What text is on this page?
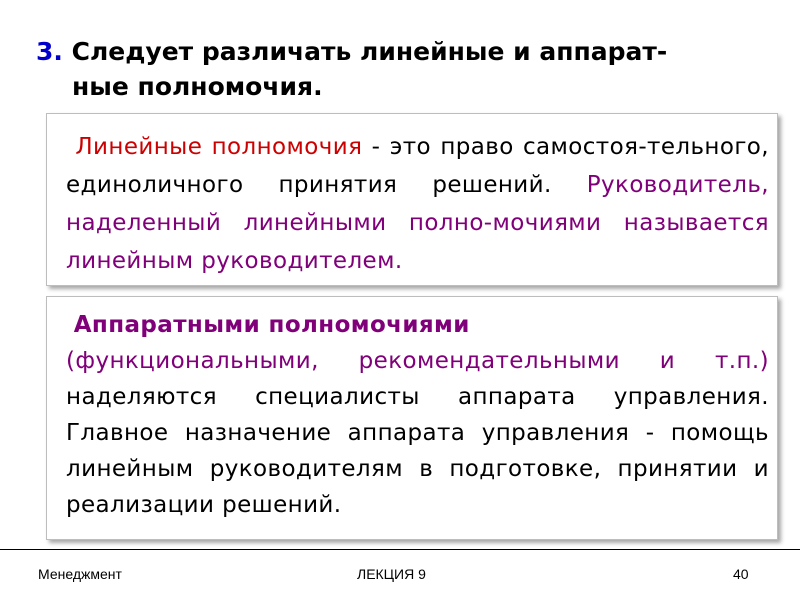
3. Следует различать линейные и аппарат-
ные полномочия.
Линейные полномочия - это право самостоя-тельного, единоличного принятия решений. Руководитель, наделенный линейными полно-мочиями называется линейным руководителем.
Аппаратными полномочиями
(функциональными, рекомендательными и т.п.) наделяются специалисты аппарата управления. Главное назначение аппарата управления - помощь линейным руководителям в подготовке, принятии и реализации решений.
Менеджмент	ЛЕКЦИЯ 9	40
